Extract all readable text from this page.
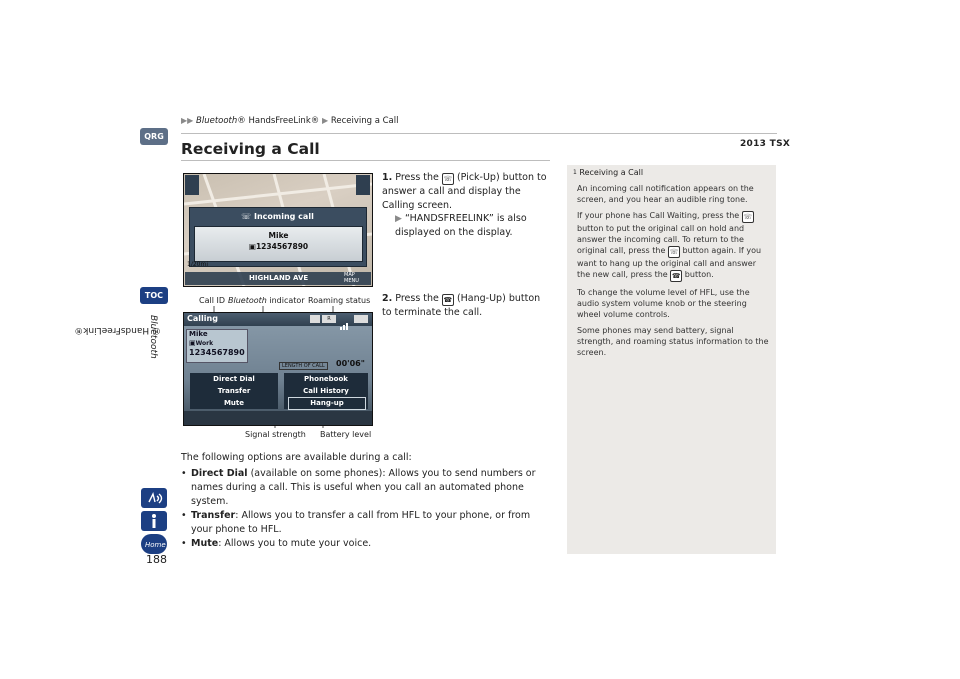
▶▶ Bluetooth® HandsFreeLink® ▶ Receiving a Call
2013 TSX
Receiving a Call
QRG
TOC
Bluetooth
® HandsFreeLink®
Home
188
☏ Incoming call
Mike
▣1234567890
1/20mi
HIGHLAND AVE	MAP MENU
1. Press the ☏ (Pick-Up) button to answer a call and display the Calling screen.
▶ “HANDSFREELINK” is also displayed on the display.
2. Press the ☎ (Hang-Up) button to terminate the call.
Call ID Bluetooth indicator Roaming status
Calling	R
Mike
▣Work
1234567890
LENGTH OF CALL	00'06"
Direct Dial	Phonebook
Transfer	Call History
Mute	Hang-up
Signal strength Battery level
The following options are available during a call:
• Direct Dial (available on some phones): Allows you to send numbers or names during a call. This is useful when you call an automated phone system.
• Transfer: Allows you to transfer a call from HFL to your phone, or from your phone to HFL.
• Mute: Allows you to mute your voice.
1 Receiving a Call

An incoming call notification appears on the screen, and you hear an audible ring tone.

If your phone has Call Waiting, press the ☏ button to put the original call on hold and answer the incoming call. To return to the original call, press the ☏ button again. If you want to hang up the original call and answer the new call, press the ☎ button.

To change the volume level of HFL, use the audio system volume knob or the steering wheel volume controls.

Some phones may send battery, signal strength, and roaming status information to the screen.
